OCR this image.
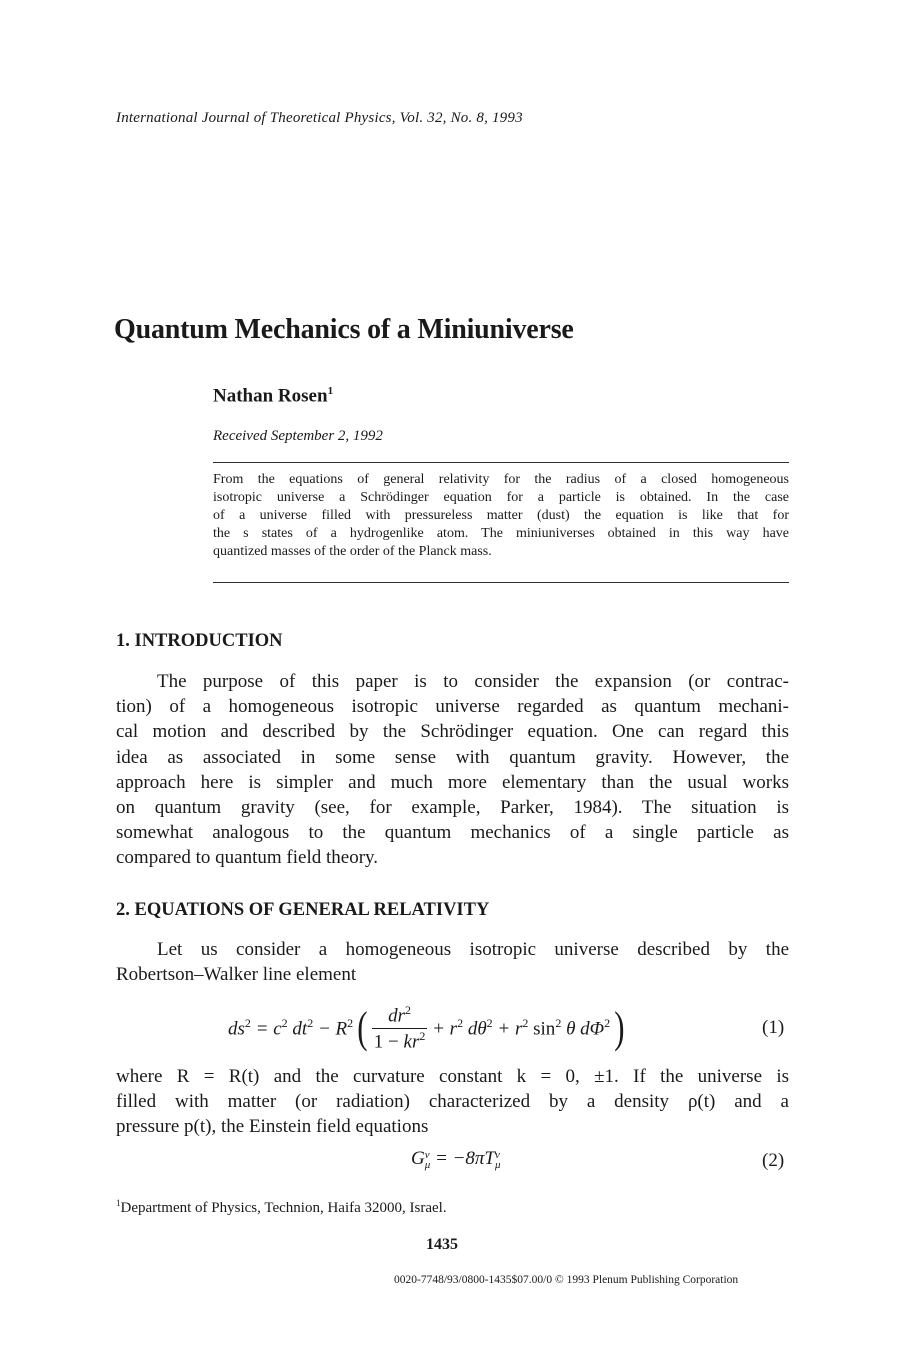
International Journal of Theoretical Physics, Vol. 32, No. 8, 1993
Quantum Mechanics of a Miniuniverse
Nathan Rosen$^1$
Received September 2, 1992
From the equations of general relativity for the radius of a closed homogeneous
isotropic universe a Schrödinger equation for a particle is obtained. In the case
of a universe filled with pressureless matter (dust) the equation is like that for
the s states of a hydrogenlike atom. The miniuniverses obtained in this way have
quantized masses of the order of the Planck mass.
1. INTRODUCTION
The purpose of this paper is to consider the expansion (or contrac-
tion) of a homogeneous isotropic universe regarded as quantum mechani-
cal motion and described by the Schrödinger equation. One can regard this
idea as associated in some sense with quantum gravity. However, the
approach here is simpler and much more elementary than the usual works
on quantum gravity (see, for example, Parker, 1984). The situation is
somewhat analogous to the quantum mechanics of a single particle as
compared to quantum field theory.
2. EQUATIONS OF GENERAL RELATIVITY
Let us consider a homogeneous isotropic universe described by the
Robertson–Walker line element
$ds^2 = c^2$ $dt^2 - R^2$ ( $\frac{dr^2}{1 - kr^2} + r^2$ $d\theta^2 + r^2$ $\sin^2 \theta$ $d\Phi^2$ )	(1)
where R = R(t) and the curvature constant k = 0, ±1. If the universe is
filled with matter (or radiation) characterized by a density ρ(t) and a
pressure p(t), the Einstein field equations
G ν
μ = −8πT ν
μ	(2)
$^1$Department of Physics, Technion, Haifa 32000, Israel.
1435
0020-7748/93/0800-1435$07.00/0 © 1993 Plenum Publishing Corporation
